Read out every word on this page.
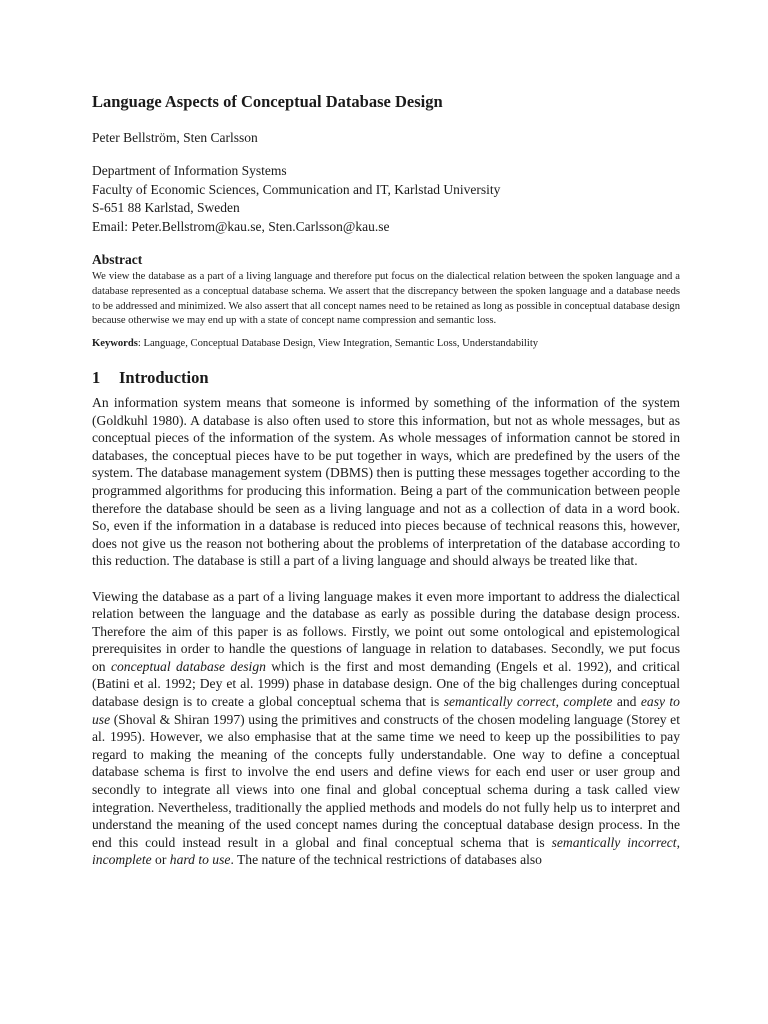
Language Aspects of Conceptual Database Design
Peter Bellström, Sten Carlsson
Department of Information Systems
Faculty of Economic Sciences, Communication and IT, Karlstad University
S-651 88 Karlstad, Sweden
Email: Peter.Bellstrom@kau.se, Sten.Carlsson@kau.se
Abstract

We view the database as a part of a living language and therefore put focus on the dialectical relation between the spoken language and a database represented as a conceptual database schema. We assert that the discrepancy between the spoken language and a database needs to be addressed and minimized. We also assert that all concept names need to be retained as long as possible in conceptual database design because otherwise we may end up with a state of concept name compression and semantic loss.

Keywords: Language, Conceptual Database Design, View Integration, Semantic Loss, Understandability

1 Introduction

An information system means that someone is informed by something of the information of the system (Goldkuhl 1980). A database is also often used to store this information, but not as whole messages, but as conceptual pieces of the information of the system. As whole messages of information cannot be stored in databases, the conceptual pieces have to be put together in ways, which are predefined by the users of the system. The database management system (DBMS) then is putting these messages together according to the programmed algorithms for producing this information. Being a part of the communication between people therefore the database should be seen as a living language and not as a collection of data in a word book. So, even if the information in a database is reduced into pieces because of technical reasons this, however, does not give us the reason not bothering about the problems of interpretation of the database according to this reduction. The database is still a part of a living language and should always be treated like that.

Viewing the database as a part of a living language makes it even more important to address the dialectical relation between the language and the database as early as possible during the database design process. Therefore the aim of this paper is as follows. Firstly, we point out some ontological and epistemological prerequisites in order to handle the questions of language in relation to databases. Secondly, we put focus on conceptual database design which is the first and most demanding (Engels et al. 1992), and critical (Batini et al. 1992; Dey et al. 1999) phase in database design. One of the big challenges during conceptual database design is to create a global conceptual schema that is semantically correct, complete and easy to use (Shoval & Shiran 1997) using the primitives and constructs of the chosen modeling language (Storey et al. 1995). However, we also emphasise that at the same time we need to keep up the possibilities to pay regard to making the meaning of the concepts fully understandable. One way to define a conceptual database schema is first to involve the end users and define views for each end user or user group and secondly to integrate all views into one final and global conceptual schema during a task called view integration. Nevertheless, traditionally the applied methods and models do not fully help us to interpret and understand the meaning of the used concept names during the conceptual database design process. In the end this could instead result in a global and final conceptual schema that is semantically incorrect, incomplete or hard to use. The nature of the technical restrictions of databases also
